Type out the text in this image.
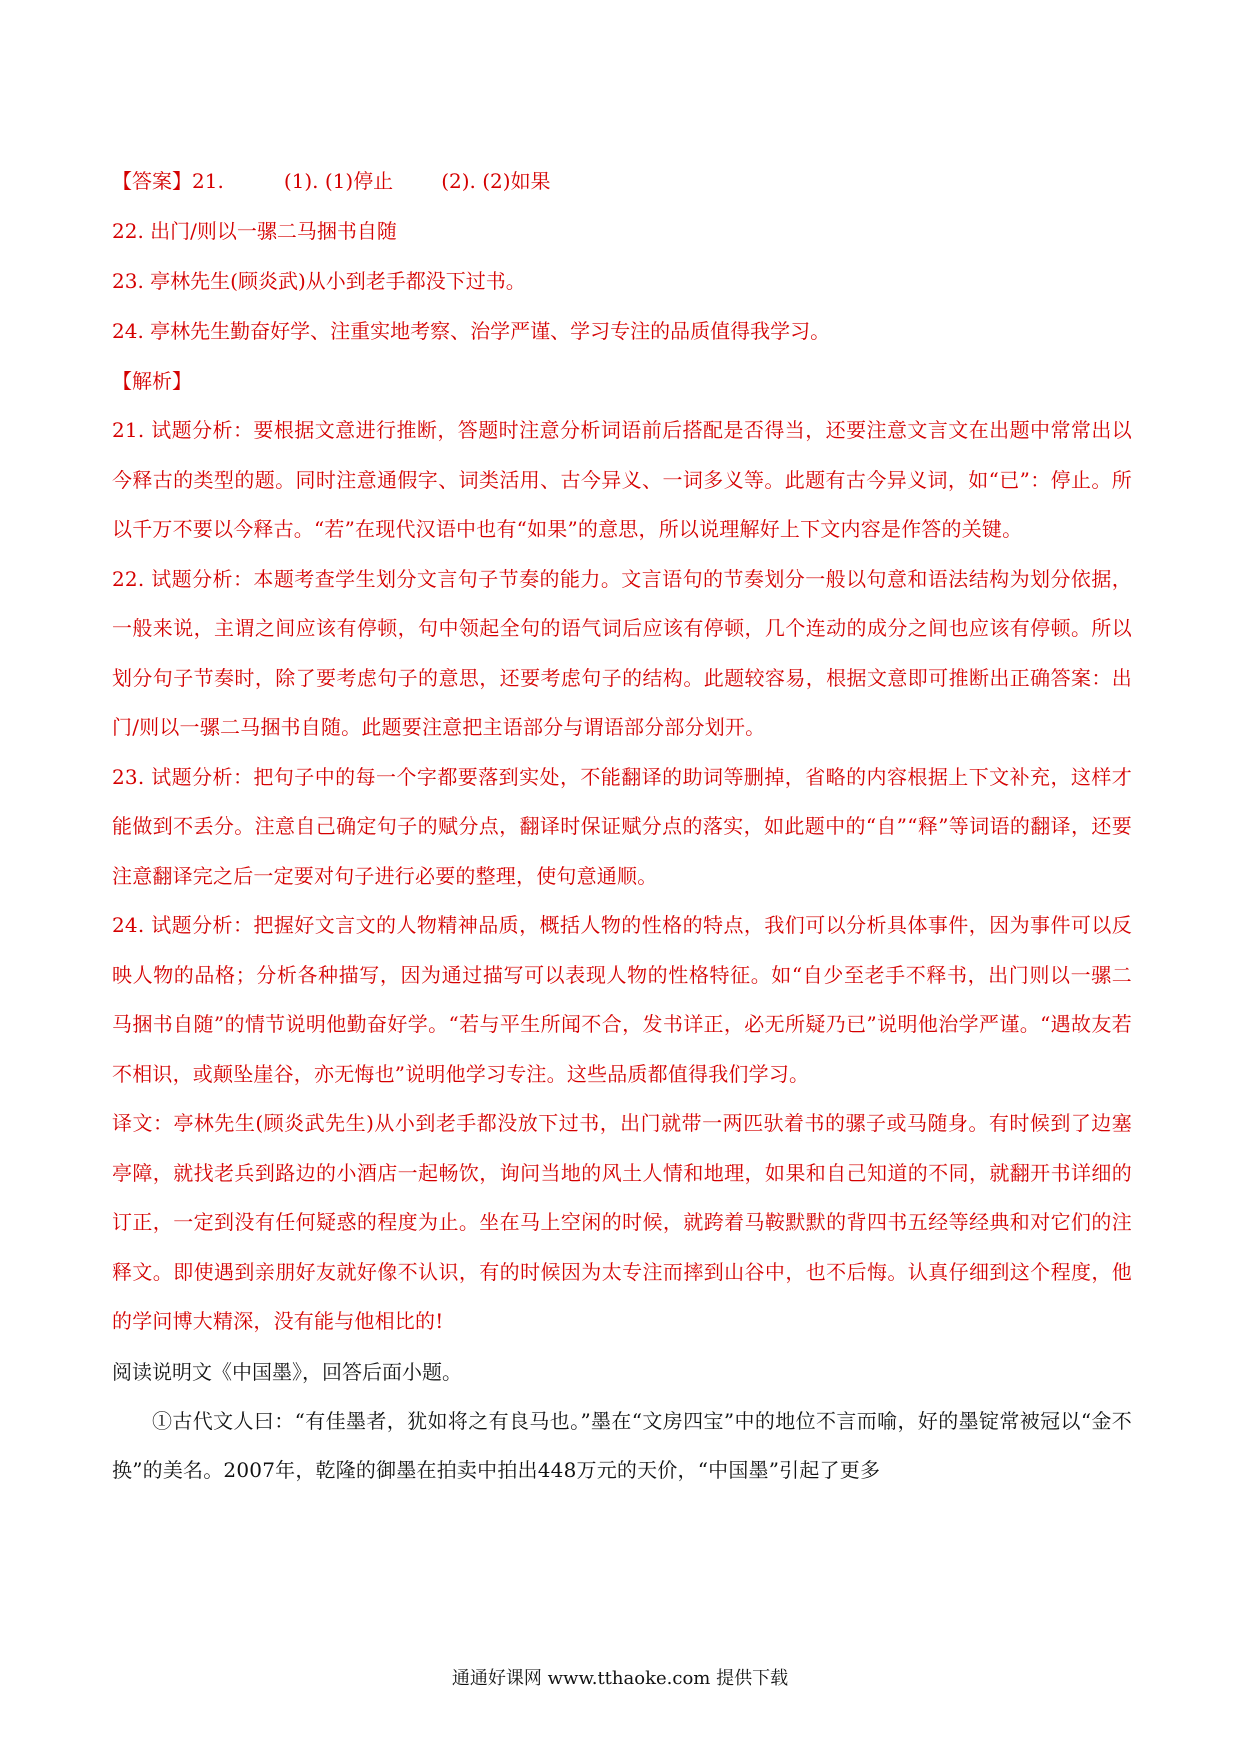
【答案】21.	(1). (1)停止 (2). (2)如果
22. 出门/则以一骡二马捆书自随
23. 亭林先生(顾炎武)从小到老手都没下过书。
24. 亭林先生勤奋好学、注重实地考察、治学严谨、学习专注的品质值得我学习。
【解析】
21. 试题分析：要根据文意进行推断，答题时注意分析词语前后搭配是否得当，还要注意文言文在出题中常常出以今释古的类型的题。同时注意通假字、词类活用、古今异义、一词多义等。此题有古今异义词，如“已”：停止。所以千万不要以今释古。“若”在现代汉语中也有“如果”的意思，所以说理解好上下文内容是作答的关键。
22. 试题分析：本题考查学生划分文言句子节奏的能力。文言语句的节奏划分一般以句意和语法结构为划分依据，一般来说，主谓之间应该有停顿，句中领起全句的语气词后应该有停顿，几个连动的成分之间也应该有停顿。所以划分句子节奏时，除了要考虑句子的意思，还要考虑句子的结构。此题较容易，根据文意即可推断出正确答案：出门/则以一骡二马捆书自随。此题要注意把主语部分与谓语部分部分划开。
23. 试题分析：把句子中的每一个字都要落到实处，不能翻译的助词等删掉，省略的内容根据上下文补充，这样才能做到不丢分。注意自己确定句子的赋分点，翻译时保证赋分点的落实，如此题中的“自”“释”等词语的翻译，还要注意翻译完之后一定要对句子进行必要的整理，使句意通顺。
24. 试题分析：把握好文言文的人物精神品质，概括人物的性格的特点，我们可以分析具体事件，因为事件可以反映人物的品格；分析各种描写，因为通过描写可以表现人物的性格特征。如“自少至老手不释书，出门则以一骡二马捆书自随”的情节说明他勤奋好学。“若与平生所闻不合，发书详正，必无所疑乃已”说明他治学严谨。“遇故友若不相识，或颠坠崖谷，亦无悔也”说明他学习专注。这些品质都值得我们学习。
译文：亭林先生(顾炎武先生)从小到老手都没放下过书，出门就带一两匹驮着书的骡子或马随身。有时候到了边塞亭障，就找老兵到路边的小酒店一起畅饮，询问当地的风土人情和地理，如果和自己知道的不同，就翻开书详细的订正，一定到没有任何疑惑的程度为止。坐在马上空闲的时候，就跨着马鞍默默的背四书五经等经典和对它们的注释文。即使遇到亲朋好友就好像不认识，有的时候因为太专注而摔到山谷中，也不后悔。认真仔细到这个程度，他的学问博大精深，没有能与他相比的!
阅读说明文《中国墨》，回答后面小题。
①古代文人曰：“有佳墨者，犹如将之有良马也。”墨在“文房四宝”中的地位不言而喻，好的墨锭常被冠以“金不换”的美名。2007年，乾隆的御墨在拍卖中拍出448万元的天价，“中国墨”引起了更多
通通好课网 www.tthaoke.com 提供下载
